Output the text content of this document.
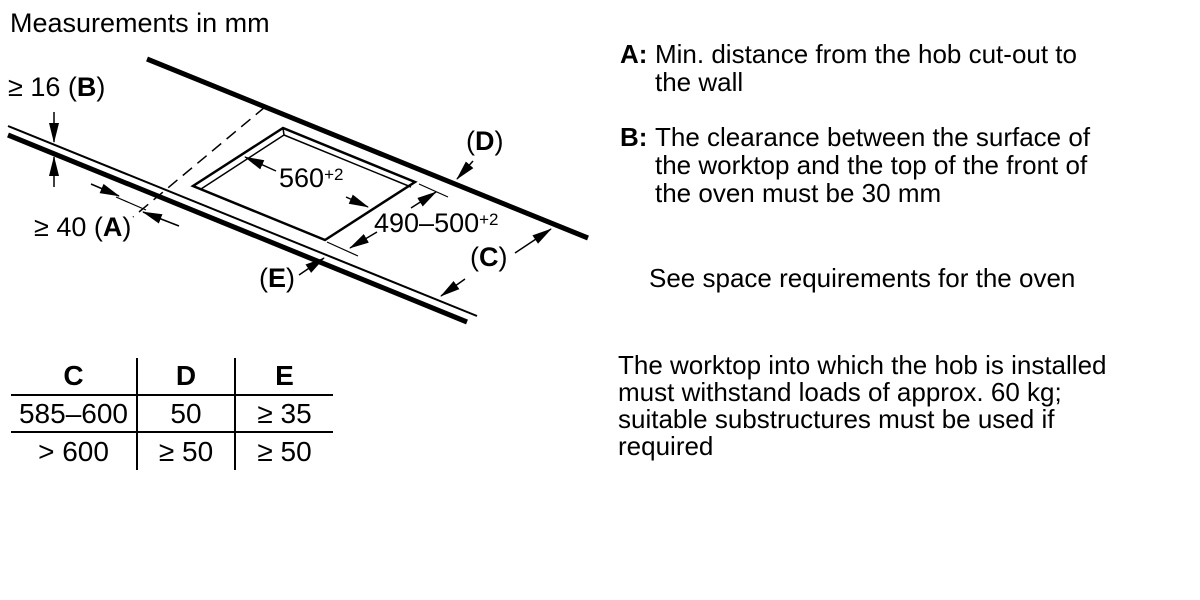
Measurements in mm
≥ 16 (B)
≥ 40 (A)
$560^{+2}$
$490-500^{+2}$
(D)
(C)
(E)
C	D	E
585–600	50	≥ 35
> 600	≥ 50	≥ 50
A: Min. distance from the hob cut-out to
the wall
B: The clearance between the surface of
the worktop and the top of the front of
the oven must be 30 mm
See space requirements for the oven
The worktop into which the hob is installed
must withstand loads of approx. 60 kg;
suitable substructures must be used if
required
